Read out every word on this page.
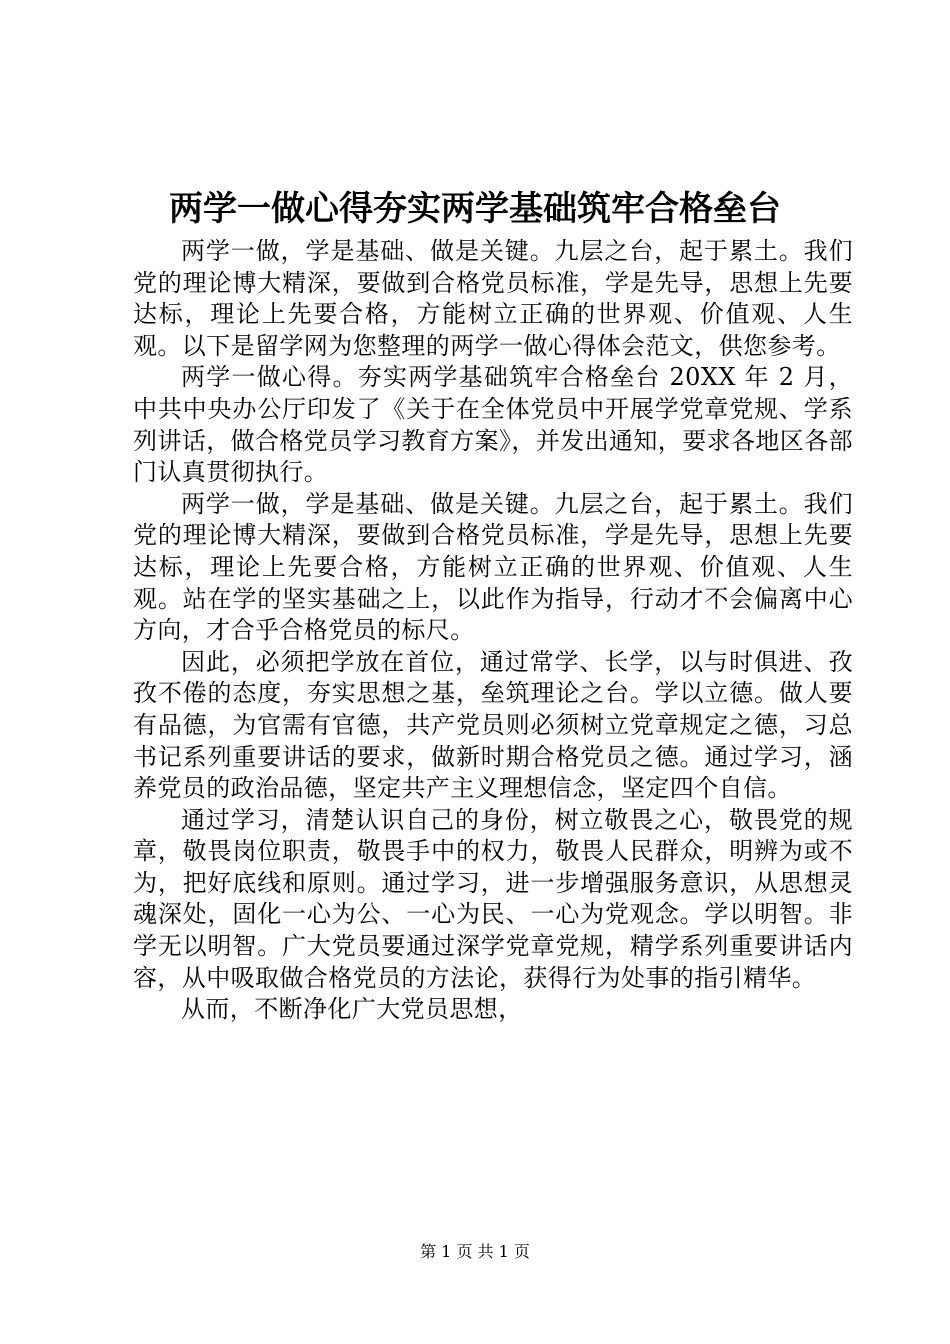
两学一做心得夯实两学基础筑牢合格垒台

两学一做，学是基础、做是关键。九层之台，起于累土。我们党的理论博大精深，要做到合格党员标准，学是先导，思想上先要达标，理论上先要合格，方能树立正确的世界观、价值观、人生观。以下是留学网为您整理的两学一做心得体会范文，供您参考。

两学一做心得。夯实两学基础筑牢合格垒台 20XX 年 2 月，中共中央办公厅印发了《关于在全体党员中开展学党章党规、学系列讲话，做合格党员学习教育方案》，并发出通知，要求各地区各部门认真贯彻执行。

两学一做，学是基础、做是关键。九层之台，起于累土。我们党的理论博大精深，要做到合格党员标准，学是先导，思想上先要达标，理论上先要合格，方能树立正确的世界观、价值观、人生观。站在学的坚实基础之上，以此作为指导，行动才不会偏离中心方向，才合乎合格党员的标尺。

因此，必须把学放在首位，通过常学、长学，以与时俱进、孜孜不倦的态度，夯实思想之基，垒筑理论之台。学以立德。做人要有品德，为官需有官德，共产党员则必须树立党章规定之德，习总书记系列重要讲话的要求，做新时期合格党员之德。通过学习，涵养党员的政治品德，坚定共产主义理想信念，坚定四个自信。

通过学习，清楚认识自己的身份，树立敬畏之心，敬畏党的规章，敬畏岗位职责，敬畏手中的权力，敬畏人民群众，明辨为或不为，把好底线和原则。通过学习，进一步增强服务意识，从思想灵魂深处，固化一心为公、一心为民、一心为党观念。学以明智。非学无以明智。广大党员要通过深学党章党规，精学系列重要讲话内容，从中吸取做合格党员的方法论，获得行为处事的指引精华。

从而，不断净化广大党员思想，

第 1 页 共 1 页
